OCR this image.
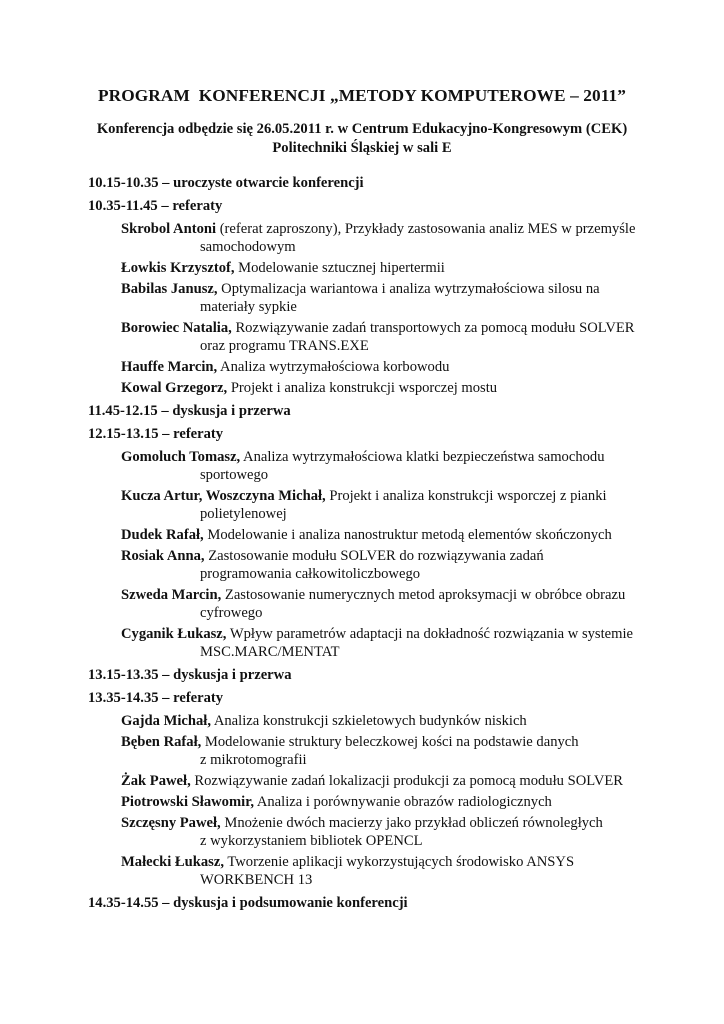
PROGRAM  KONFERENCJI „METODY KOMPUTEROWE – 2011”
Konferencja odbędzie się 26.05.2011 r. w Centrum Edukacyjno-Kongresowym (CEK)
Politechniki Śląskiej w sali E
10.15-10.35 – uroczyste otwarcie konferencji
10.35-11.45 – referaty
Skrobol Antoni (referat zaproszony), Przykłady zastosowania analiz MES w przemyśle
samochodowym
Łowkis Krzysztof, Modelowanie sztucznej hipertermii
Babilas Janusz, Optymalizacja wariantowa i analiza wytrzymałościowa silosu na
materiały sypkie
Borowiec Natalia, Rozwiązywanie zadań transportowych za pomocą modułu SOLVER
oraz programu TRANS.EXE
Hauffe Marcin, Analiza wytrzymałościowa korbowodu
Kowal Grzegorz, Projekt i analiza konstrukcji wsporczej mostu
11.45-12.15 – dyskusja i przerwa
12.15-13.15 – referaty
Gomoluch Tomasz, Analiza wytrzymałościowa klatki bezpieczeństwa samochodu
sportowego
Kucza Artur, Woszczyna Michał, Projekt i analiza konstrukcji wsporczej z pianki
polietylenowej
Dudek Rafał, Modelowanie i analiza nanostruktur metodą elementów skończonych
Rosiak Anna, Zastosowanie modułu SOLVER do rozwiązywania zadań
programowania całkowitoliczbowego
Szweda Marcin, Zastosowanie numerycznych metod aproksymacji w obróbce obrazu
cyfrowego
Cyganik Łukasz, Wpływ parametrów adaptacji na dokładność rozwiązania w systemie
MSC.MARC/MENTAT
13.15-13.35 – dyskusja i przerwa
13.35-14.35 – referaty
Gajda Michał, Analiza konstrukcji szkieletowych budynków niskich
Bęben Rafał, Modelowanie struktury beleczkowej kości na podstawie danych
z mikrotomografii
Żak Paweł, Rozwiązywanie zadań lokalizacji produkcji za pomocą modułu SOLVER
Piotrowski Sławomir, Analiza i porównywanie obrazów radiologicznych
Szczęsny Paweł, Mnożenie dwóch macierzy jako przykład obliczeń równoległych
z wykorzystaniem bibliotek OPENCL
Małecki Łukasz, Tworzenie aplikacji wykorzystujących środowisko ANSYS
WORKBENCH 13
14.35-14.55 – dyskusja i podsumowanie konferencji
